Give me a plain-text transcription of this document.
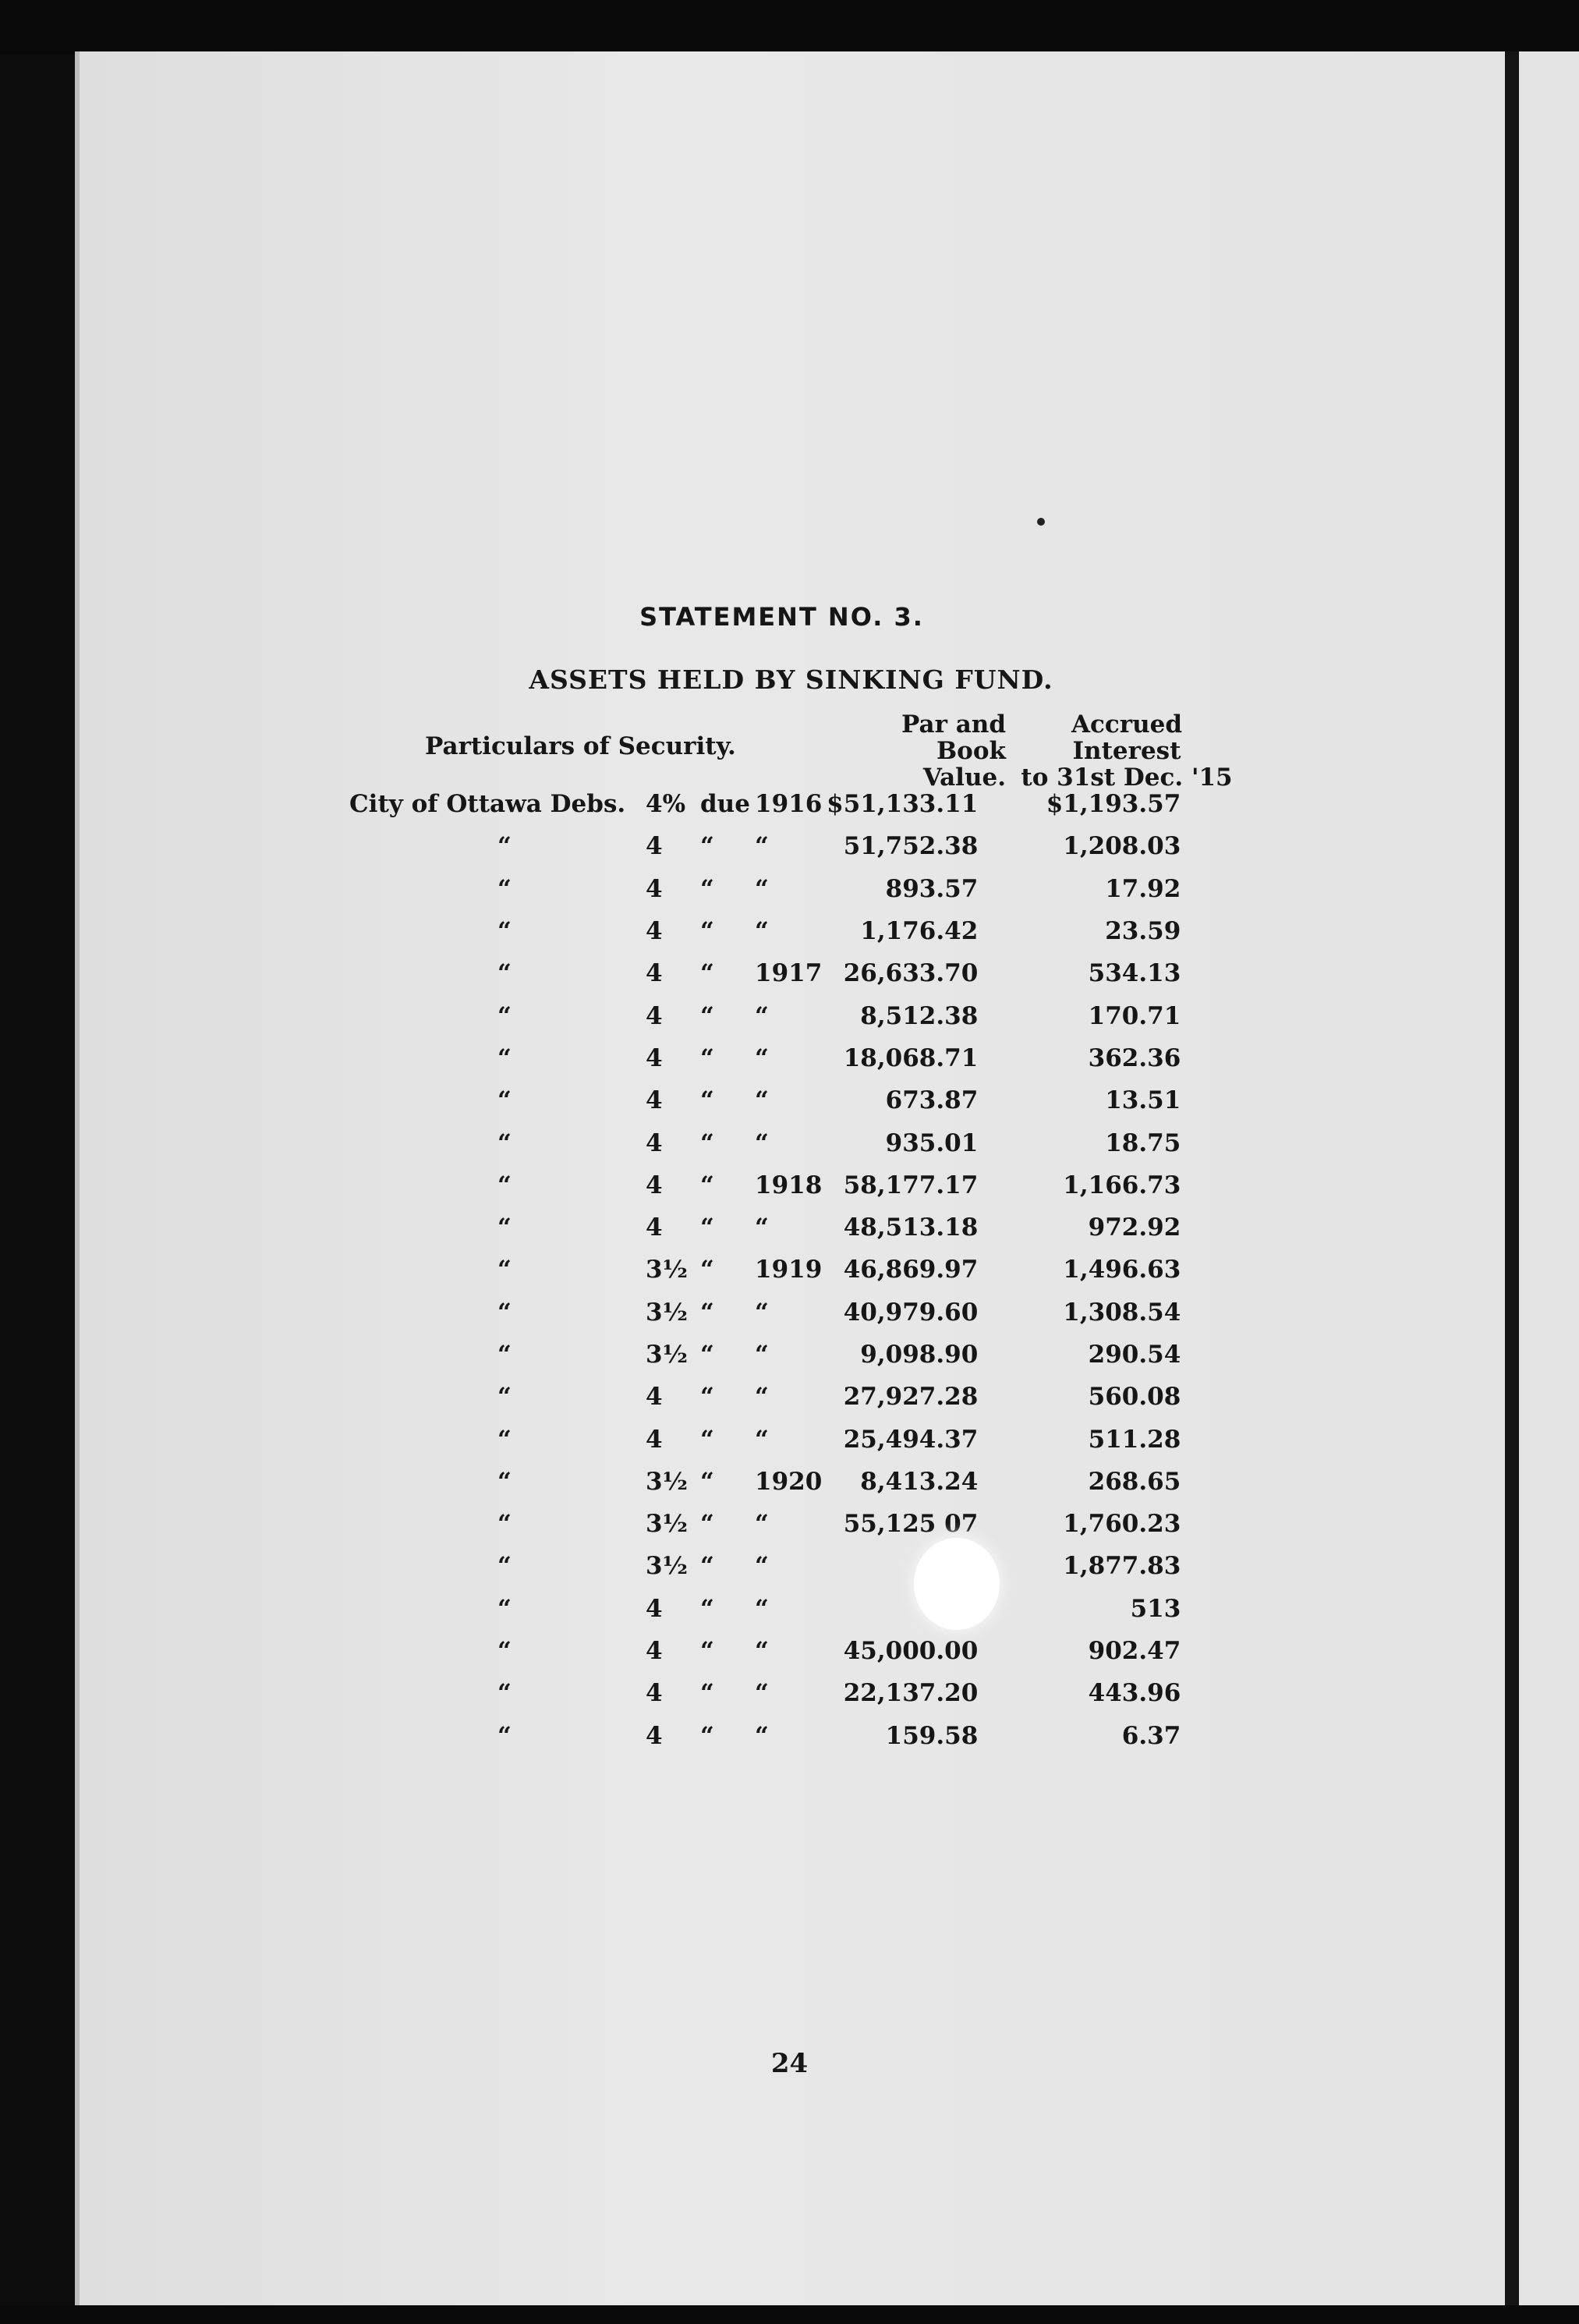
STATEMENT NO. 3.
ASSETS HELD BY SINKING FUND.
Particulars of Security.
Par and
Book Value.
Accrued Interest
to 31st Dec. '15
City of Ottawa Debs.	4%	due	1916	$51,133.11	$1,193.57
“	4	“	“	51,752.38	1,208.03
“	4	“	“	893.57	17.92
“	4	“	“	1,176.42	23.59
“	4	“	1917	26,633.70	534.13
“	4	“	“	8,512.38	170.71
“	4	“	“	18,068.71	362.36
“	4	“	“	673.87	13.51
“	4	“	“	935.01	18.75
“	4	“	1918	58,177.17	1,166.73
“	4	“	“	48,513.18	972.92
“	3½	“	1919	46,869.97	1,496.63
“	3½	“	“	40,979.60	1,308.54
“	3½	“	“	9,098.90	290.54
“	4	“	“	27,927.28	560.08
“	4	“	“	25,494.37	511.28
“	3½	“	1920	8,413.24	268.65
“	3½	“	“	55,125 07	1,760.23
“	3½	“	“		1,877.83
“	4	“	“		513
“	4	“	“	45,000.00	902.47
“	4	“	“	22,137.20	443.96
“	4	“	“	159.58	6.37
24
